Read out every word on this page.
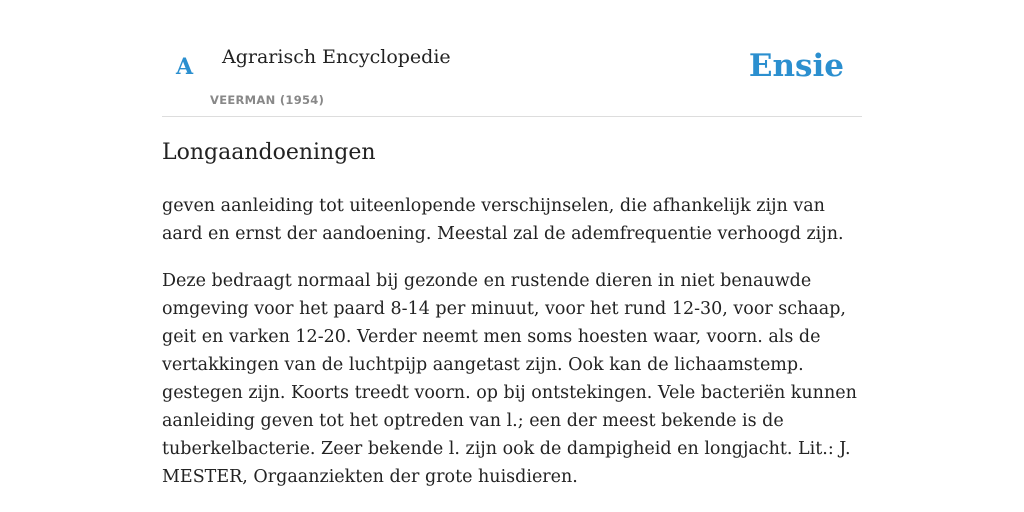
A Agrarisch Encyclopedie
VEERMAN (1954)
Ensie
Longaandoeningen

geven aanleiding tot uiteenlopende verschijnselen, die afhankelijk zijn van aard en ernst der aandoening. Meestal zal de ademfrequentie verhoogd zijn.

Deze bedraagt normaal bij gezonde en rustende dieren in niet benauwde omgeving voor het paard 8-14 per minuut, voor het rund 12-30, voor schaap, geit en varken 12-20. Verder neemt men soms hoesten waar, voorn. als de vertakkingen van de luchtpijp aangetast zijn. Ook kan de lichaamstemp. gestegen zijn. Koorts treedt voorn. op bij ontstekingen. Vele bacteriën kunnen aanleiding geven tot het optreden van l.; een der meest bekende is de tuberkelbacterie. Zeer bekende l. zijn ook de dampigheid en longjacht. Lit.: J. MESTER, Orgaanziekten der grote huisdieren.
